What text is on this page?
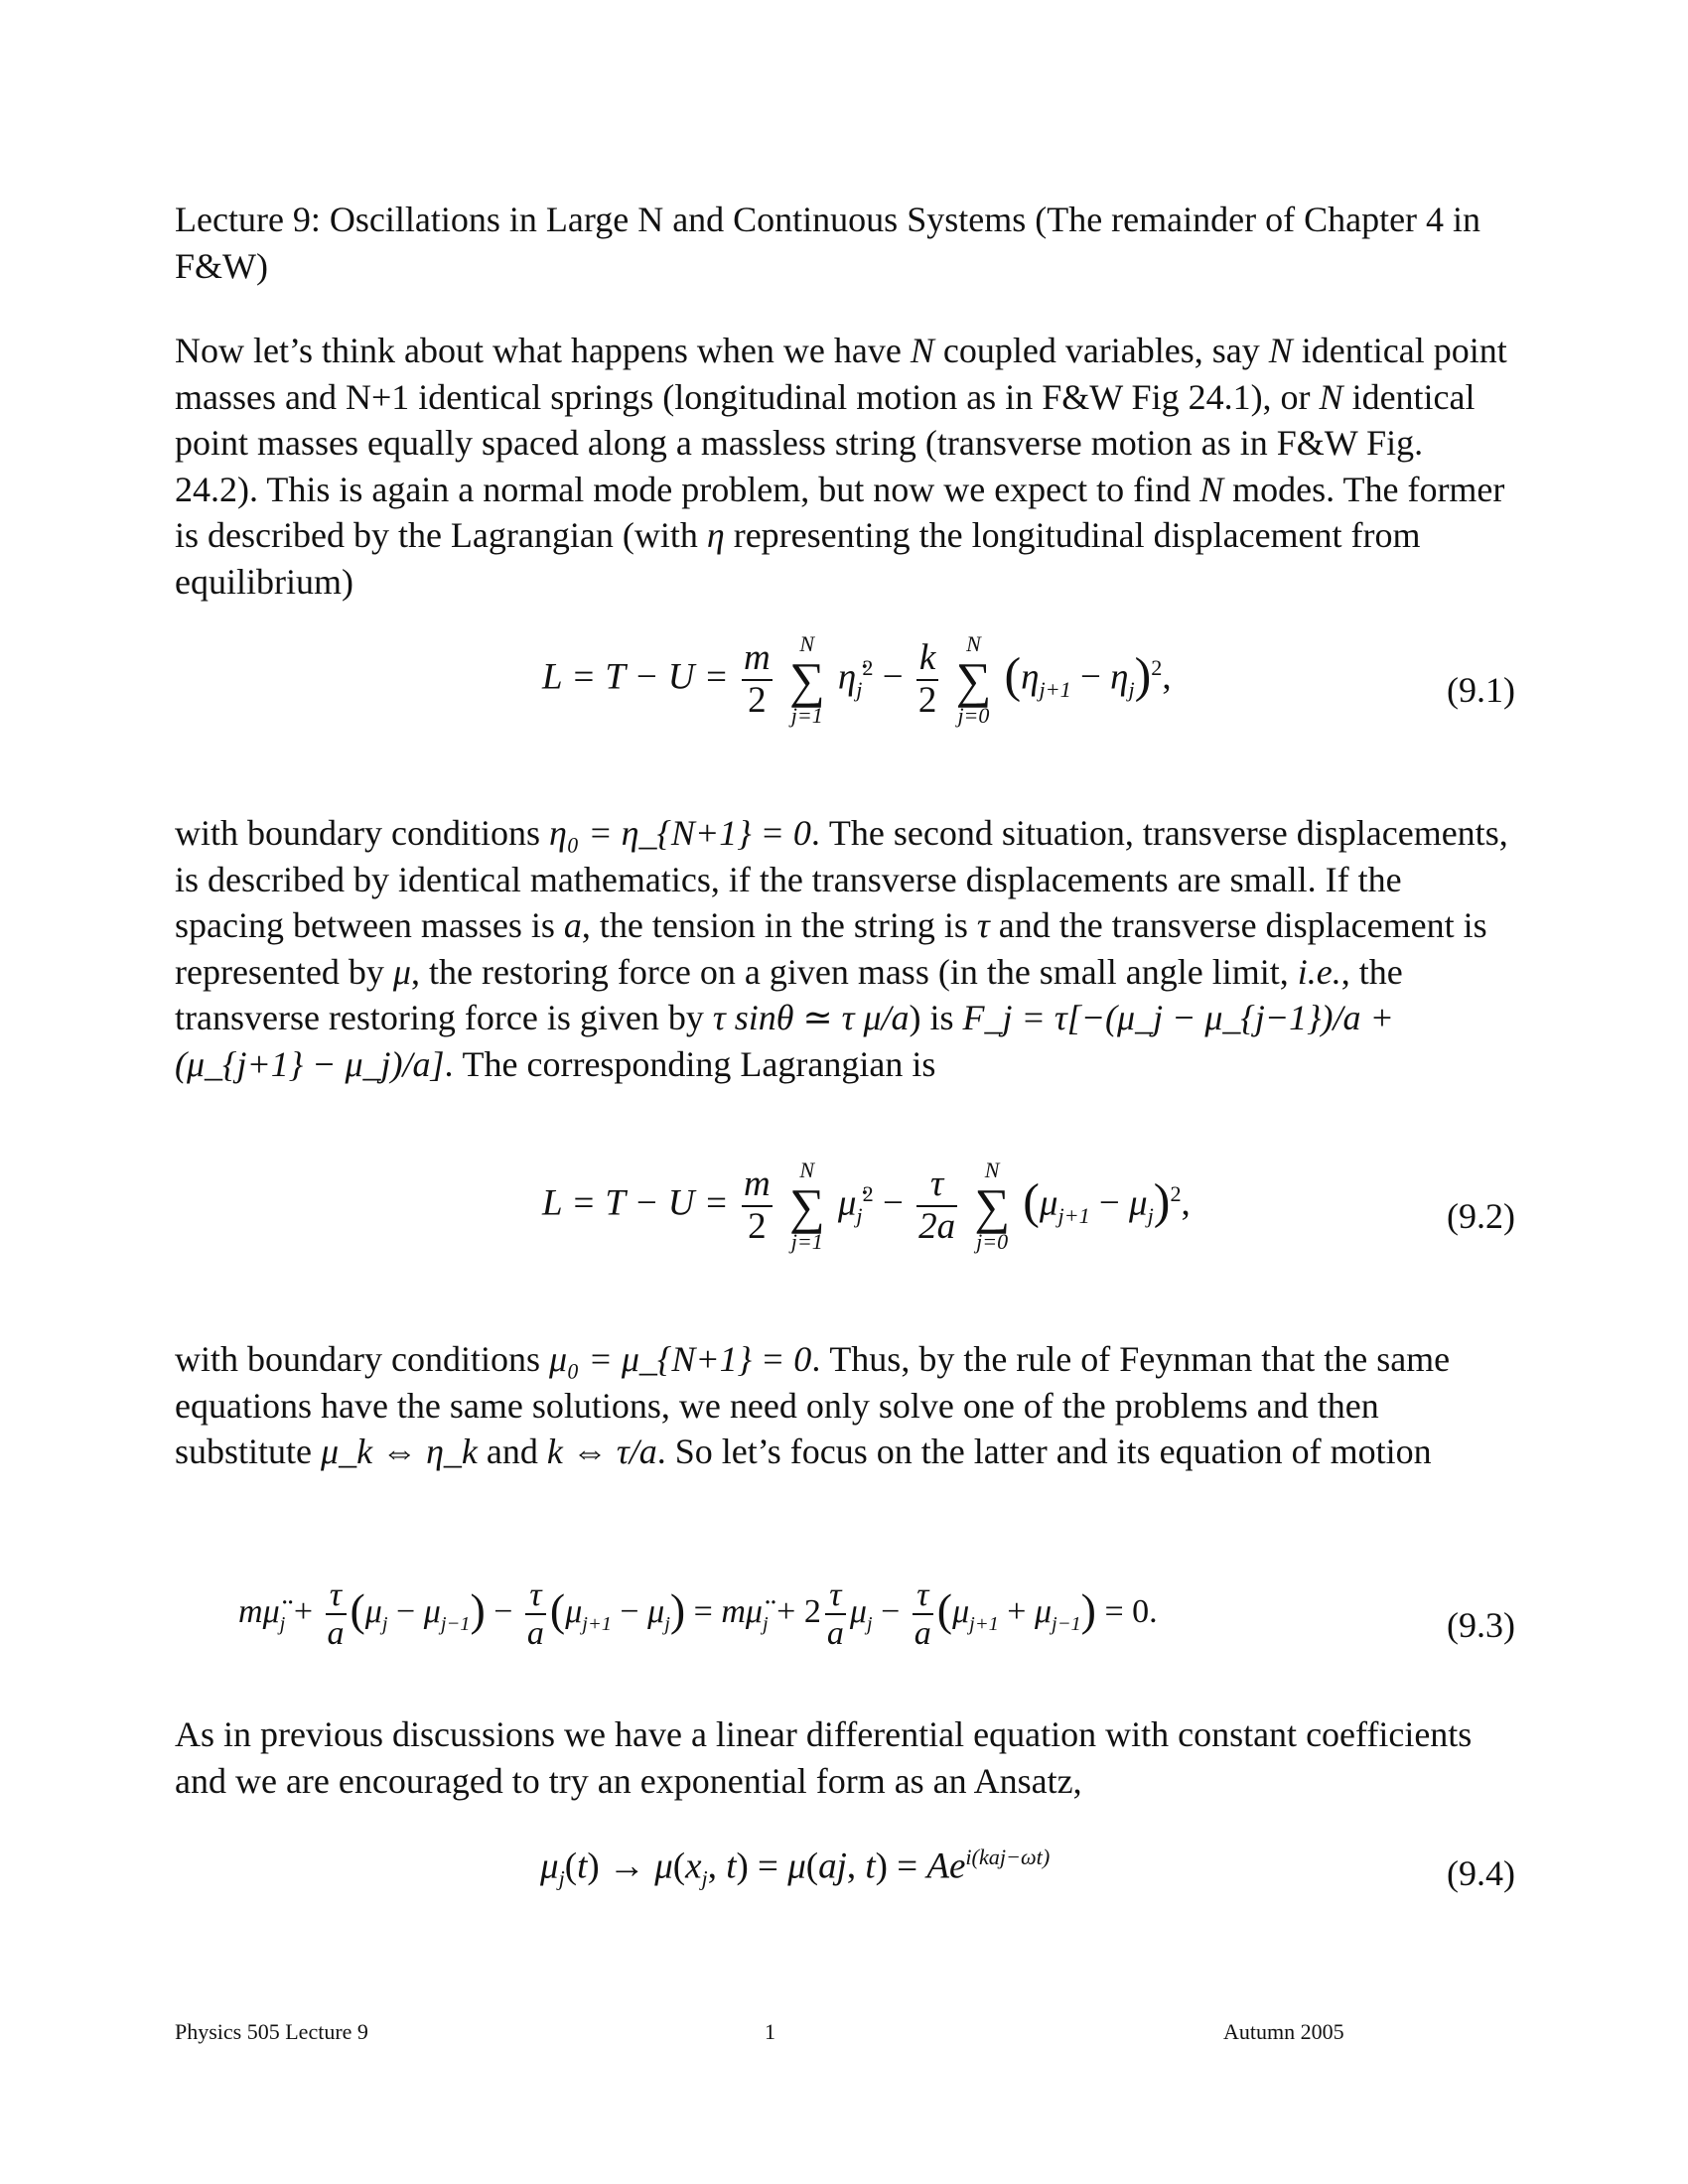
Lecture 9: Oscillations in Large N and Continuous Systems (The remainder of Chapter 4 in F&W)

Now let’s think about what happens when we have N coupled variables, say N identical point masses and N+1 identical springs (longitudinal motion as in F&W Fig 24.1), or N identical point masses equally spaced along a massless string (transverse motion as in F&W Fig. 24.2). This is again a normal mode problem, but now we expect to find N modes. The former is described by the Lagrangian (with η representing the longitudinal displacement from equilibrium)

$L = T - U = \frac{m}{2}$
	N
∑
j=1
$\etȧ_j^2 - \frac{k}{2}$
	N
∑
j=0
$(\eta_{j+1} - \eta_j)^2$,	(9.1)

with boundary conditions η₀ = η_{N+1} = 0. The second situation, transverse displacements, is described by identical mathematics, if the transverse displacements are small. If the spacing between masses is a, the tension in the string is τ and the transverse displacement is represented by μ, the restoring force on a given mass (in the small angle limit, i.e., the transverse restoring force is given by τ sinθ ≃ τ μ/a) is F_j = τ[−(μ_j − μ_{j−1})/a + (μ_{j+1} − μ_j)/a]. The corresponding Lagrangian is

$L = T - U = \frac{m}{2}$
	N
∑
j=1
$\mu̇_j^2 - \frac{\tau}{2a}$
	N
∑
j=0
$(\mu_{j+1} - \mu_j)^2$,	(9.2)

with boundary conditions μ₀ = μ_{N+1} = 0. Thus, by the rule of Feynman that the same equations have the same solutions, we need only solve one of the problems and then substitute μ_k ⇔ η_k and k ⇔ τ/a. So let’s focus on the latter and its equation of motion

$m\mü_j + \frac{\tau}{a} (\mu_j - \mu_{j-1}) - \frac{\tau}{a} (\mu_{j+1} - \mu_j)$ = $m\mü_j + 2 \frac{\tau}{a} \mu_j - \frac{\tau}{a} (\mu_{j+1} + \mu_{j-1}) = 0$.	(9.3)

As in previous discussions we have a linear differential equation with constant coefficients and we are encouraged to try an exponential form as an Ansatz,

$\mu_j(t) \to \mu(x_j$, t) = μ(aj, $t) = Ae^{i(kaj-\omega t)}$	(9.4)
Physics 505 Lecture 9	1	Autumn 2005
